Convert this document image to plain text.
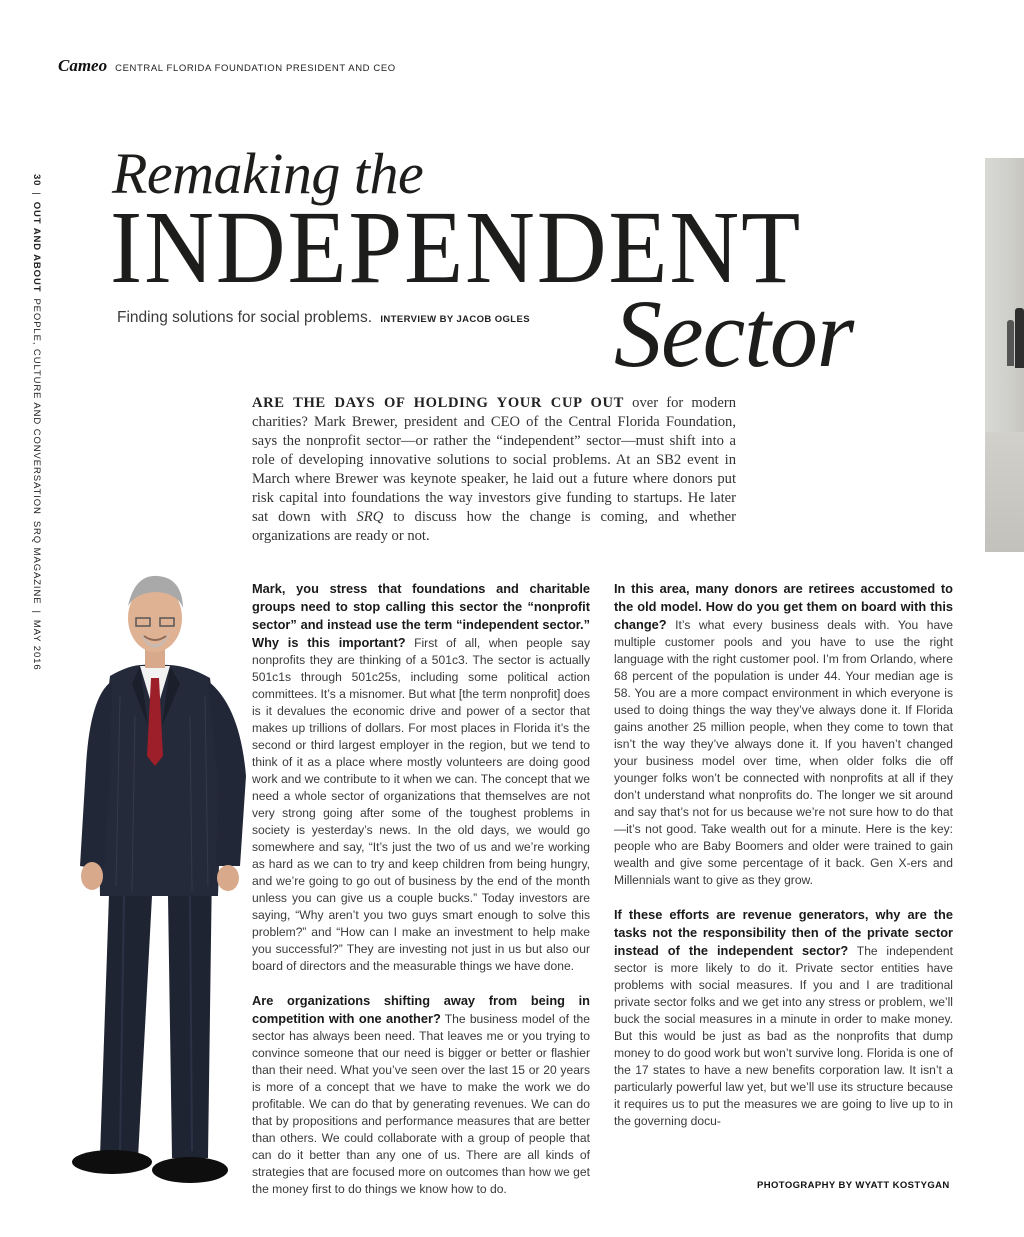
Cameo CENTRAL FLORIDA FOUNDATION PRESIDENT AND CEO
30
|
OUT AND ABOUT
PEOPLE, CULTURE AND CONVERSATION
SRQ MAGAZINE
|
MAY 2016
Remaking the
INDEPENDENT
Sector
Finding solutions for social problems. INTERVIEW BY JACOB OGLES
ARE THE DAYS OF HOLDING YOUR CUP OUT over for modern charities? Mark Brewer, president and CEO of the Central Florida Foundation, says the nonprofit sector—or rather the “independent” sector—must shift into a role of developing innovative solutions to social problems. At an SB2 event in March where Brewer was keynote speaker, he laid out a future where donors put risk capital into foundations the way investors give funding to startups. He later sat down with SRQ to discuss how the change is coming, and whether organizations are ready or not.

Mark, you stress that foundations and charitable groups need to stop calling this sector the “nonprofit sector” and instead use the term “independent sector.” Why is this important? First of all, when people say nonprofits they are thinking of a 501c3. The sector is actually 501c1s through 501c25s, including some political action committees. It’s a misnomer. But what [the term nonprofit] does is it devalues the economic drive and power of a sector that makes up trillions of dollars. For most places in Florida it’s the second or third largest employer in the region, but we tend to think of it as a place where mostly volunteers are doing good work and we contribute to it when we can. The concept that we need a whole sector of organizations that themselves are not very strong going after some of the toughest problems in society is yesterday’s news. In the old days, we would go somewhere and say, “It’s just the two of us and we’re working as hard as we can to try and keep children from being hungry, and we’re going to go out of business by the end of the month unless you can give us a couple bucks.” Today investors are saying, “Why aren’t you two guys smart enough to solve this problem?” and “How can I make an investment to help make you successful?” They are investing not just in us but also our board of directors and the measurable things we have done.

Are organizations shifting away from being in competition with one another? The business model of the sector has always been need. That leaves me or you trying to convince someone that our need is bigger or better or flashier than their need. What you’ve seen over the last 15 or 20 years is more of a concept that we have to make the work we do profitable. We can do that by generating revenues. We can do that by propositions and performance measures that are better than others. We could collaborate with a group of people that can do it better than any one of us. There are all kinds of strategies that are focused more on outcomes than how we get the money first to do things we know how to do.

In this area, many donors are retirees accustomed to the old model. How do you get them on board with this change? It’s what every business deals with. You have multiple customer pools and you have to use the right language with the right customer pool. I’m from Orlando, where 68 percent of the population is under 44. Your median age is 58. You are a more compact environment in which everyone is used to doing things the way they’ve always done it. If Florida gains another 25 million people, when they come to town that isn’t the way they’ve always done it. If you haven’t changed your business model over time, when older folks die off younger folks won’t be connected with nonprofits at all if they don’t understand what nonprofits do. The longer we sit around and say that’s not for us because we’re not sure how to do that—it’s not good. Take wealth out for a minute. Here is the key: people who are Baby Boomers and older were trained to gain wealth and give some percentage of it back. Gen X-ers and Millennials want to give as they grow.

If these efforts are revenue generators, why are the tasks not the responsibility then of the private sector instead of the independent sector? The independent sector is more likely to do it. Private sector entities have problems with social measures. If you and I are traditional private sector folks and we get into any stress or problem, we’ll buck the social measures in a minute in order to make money. But this would be just as bad as the nonprofits that dump money to do good work but won’t survive long. Florida is one of the 17 states to have a new benefits corporation law. It isn’t a particularly powerful law yet, but we’ll use its structure because it requires us to put the measures we are going to live up to in the governing docu-

PHOTOGRAPHY BY WYATT KOSTYGAN
